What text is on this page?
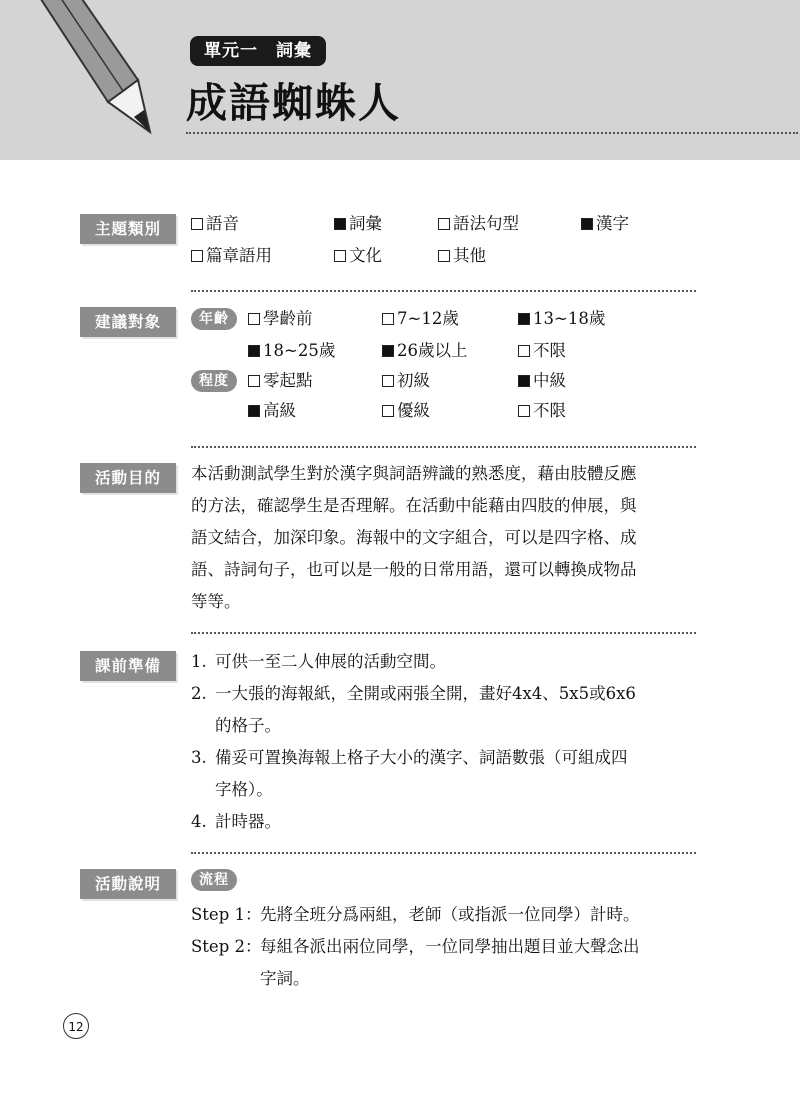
單元一　詞彙
成語蜘蛛人
主題類別	語音	詞彙	語法句型	漢字
篇章語用	文化	其他
建議對象	年齡	學齡前	7~12歲	13~18歲
18~25歲	26歲以上	不限
程度	零起點	初級	中級
高級	優級	不限
活動目的	本活動測試學生對於漢字與詞語辨識的熟悉度，藉由肢體反應
的方法，確認學生是否理解。在活動中能藉由四肢的伸展，與
語文結合，加深印象。海報中的文字組合，可以是四字格、成
語、詩詞句子，也可以是一般的日常用語，還可以轉換成物品
等等。
課前準備	1. 可供一至二人伸展的活動空間。
2. 一大張的海報紙，全開或兩張全開，畫好4x4、5x5或6x6
的格子。
3. 備妥可置換海報上格子大小的漢字、詞語數張（可組成四
字格）。
4. 計時器。
活動說明	流程
Step 1：
先將全班分爲兩組，老師（或指派一位同學）計時。
Step 2：
每組各派出兩位同學，一位同學抽出題目並大聲念出
字詞。
12
